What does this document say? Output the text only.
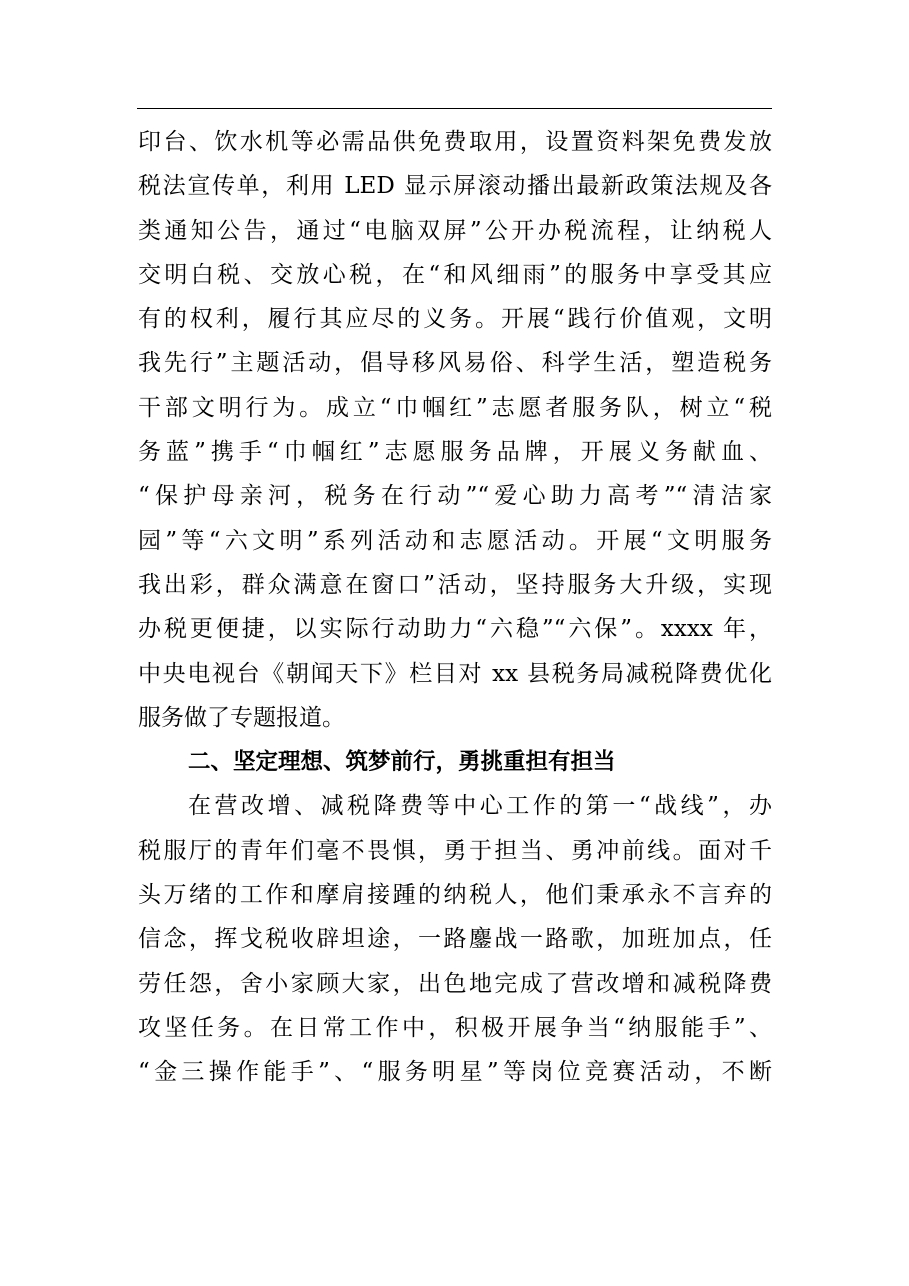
印台、饮水机等必需品供免费取用，设置资料架免费发放
税法宣传单，利用 LED 显示屏滚动播出最新政策法规及各
类通知公告，通过“电脑双屏”公开办税流程，让纳税人
交明白税、交放心税，在“和风细雨”的服务中享受其应
有的权利，履行其应尽的义务。开展“践行价值观，文明
我先行”主题活动，倡导移风易俗、科学生活，塑造税务
干部文明行为。成立“巾帼红”志愿者服务队，树立“税
务蓝”携手“巾帼红”志愿服务品牌，开展义务献血、
“保护母亲河，税务在行动”“爱心助力高考”“清洁家
园”等“六文明”系列活动和志愿活动。开展“文明服务
我出彩，群众满意在窗口”活动，坚持服务大升级，实现
办税更便捷，以实际行动助力“六稳”“六保”。xxxx 年，
中央电视台《朝闻天下》栏目对 xx 县税务局减税降费优化
服务做了专题报道。
二、坚定理想、筑梦前行，勇挑重担有担当
在营改增、减税降费等中心工作的第一“战线”，办
税服厅的青年们毫不畏惧，勇于担当、勇冲前线。面对千
头万绪的工作和摩肩接踵的纳税人，他们秉承永不言弃的
信念，挥戈税收辟坦途，一路鏖战一路歌，加班加点，任
劳任怨，舍小家顾大家，出色地完成了营改增和减税降费
攻坚任务。在日常工作中，积极开展争当“纳服能手”、
“金三操作能手”、“服务明星”等岗位竞赛活动，不断
